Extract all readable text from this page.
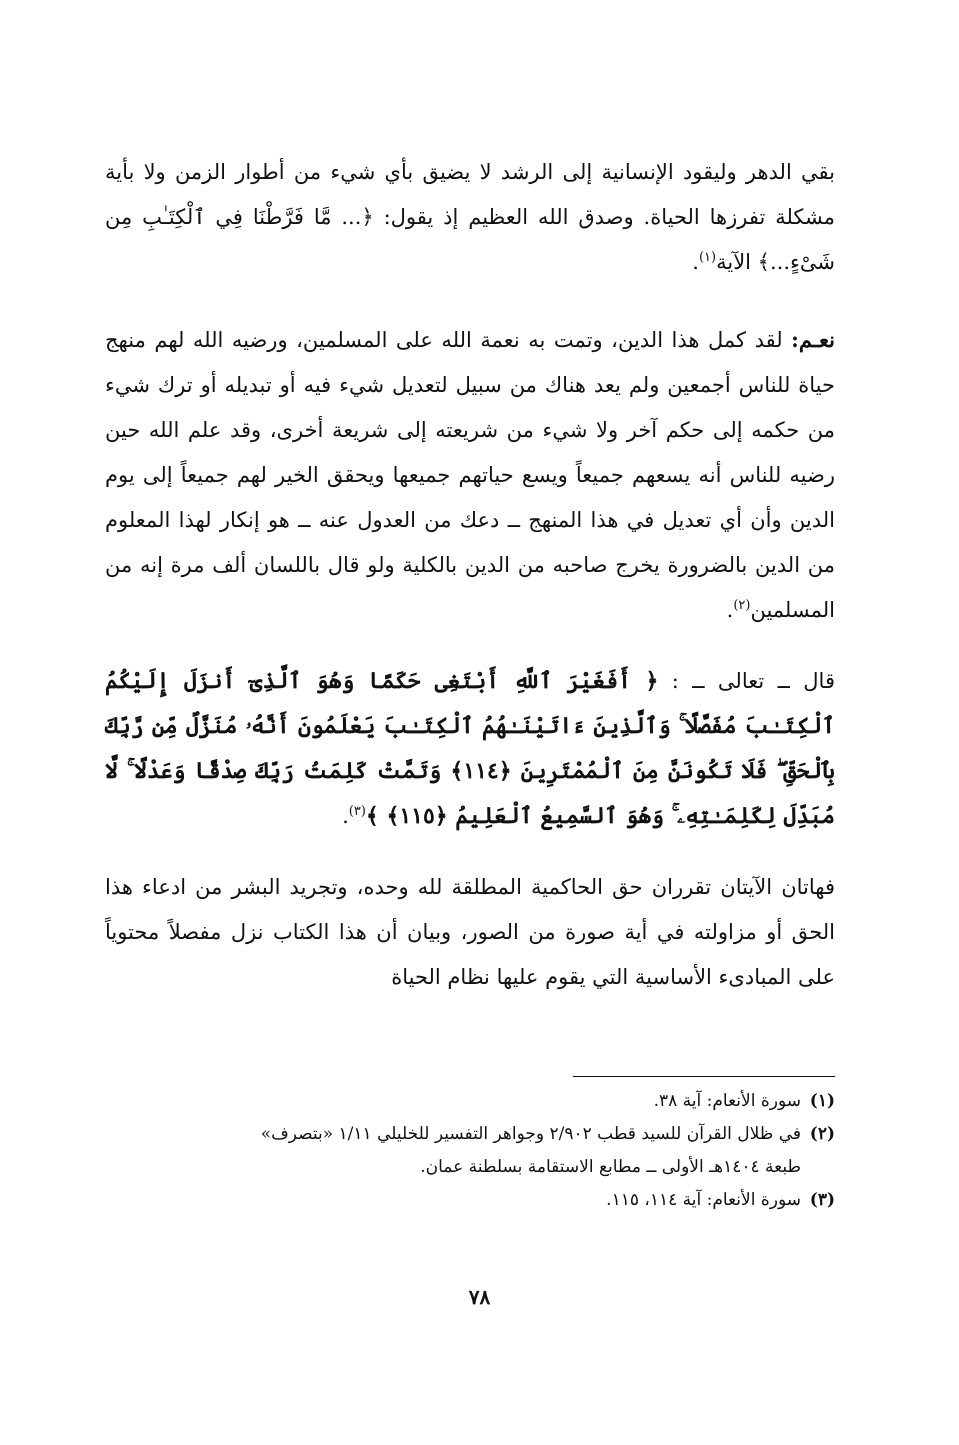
بقي الدهر وليقود الإنسانية إلى الرشد لا يضيق بأي شيء من أطوار الزمن ولا بأية مشكلة تفرزها الحياة. وصدق الله العظيم إذ يقول: ﴿... مَّا فَرَّطْنَا فِي ٱلْكِتَـٰبِ مِن شَىْءٍ...﴾ الآية$^{(١)}$.

نعـم: لقد كمل هذا الدين، وتمت به نعمة الله على المسلمين، ورضيه الله لهم منهج حياة للناس أجمعين ولم يعد هناك من سبيل لتعديل شيء فيه أو تبديله أو ترك شيء من حكمه إلى حكم آخر ولا شيء من شريعته إلى شريعة أخرى، وقد علم الله حين رضيه للناس أنه يسعهم جميعاً ويسع حياتهم جميعها ويحقق الخير لهم جميعاً إلى يوم الدين وأن أي تعديل في هذا المنهج ــ دعك من العدول عنه ــ هو إنكار لهذا المعلوم من الدين بالضرورة يخرج صاحبه من الدين بالكلية ولو قال باللسان ألف مرة إنه من المسلمين$^{(٢)}$.

قال ــ تعالى ــ : ﴿ أَفَغَيْرَ ٱللَّهِ أَبْتَغِى حَكَمًا وَهُوَ ٱلَّذِىٓ أَنزَلَ إِلَيْكُمُ ٱلْكِتَـٰبَ مُفَصَّلًا ۚ وَٱلَّذِينَ ءَاتَيْنَـٰهُمُ ٱلْكِتَـٰبَ يَعْلَمُونَ أَنَّهُۥ مُنَزَّلٌ مِّن رَّبِّكَ بِٱلْحَقِّ ۖ فَلَا تَكُونَنَّ مِنَ ٱلْمُمْتَرِينَ ﴿١١٤﴾ وَتَمَّتْ كَلِمَتُ رَبِّكَ صِدْقًا وَعَدْلًا ۚ لَّا مُبَدِّلَ لِكَلِمَـٰتِهِۦ ۚ وَهُوَ ٱلسَّمِيعُ ٱلْعَلِيمُ ﴿١١٥﴾ ﴾$^{(٣)}$.

فهاتان الآيتان تقرران حق الحاكمية المطلقة لله وحده، وتجريد البشر من ادعاء هذا الحق أو مزاولته في أية صورة من الصور، وبيان أن هذا الكتاب نزل مفصلاً محتوياً على المبادىء الأساسية التي يقوم عليها نظام الحياة

(١)سورة الأنعام: آية ٣٨.

(٢)في ظلال القرآن للسيد قطب ٢/٩٠٢ وجواهر التفسير للخليلي ١/١١ «بتصرف»

طبعة ١٤٠٤هـ الأولى ــ مطابع الاستقامة بسلطنة عمان.

(٣)سورة الأنعام: آية ١١٤، ١١٥.

٧٨
